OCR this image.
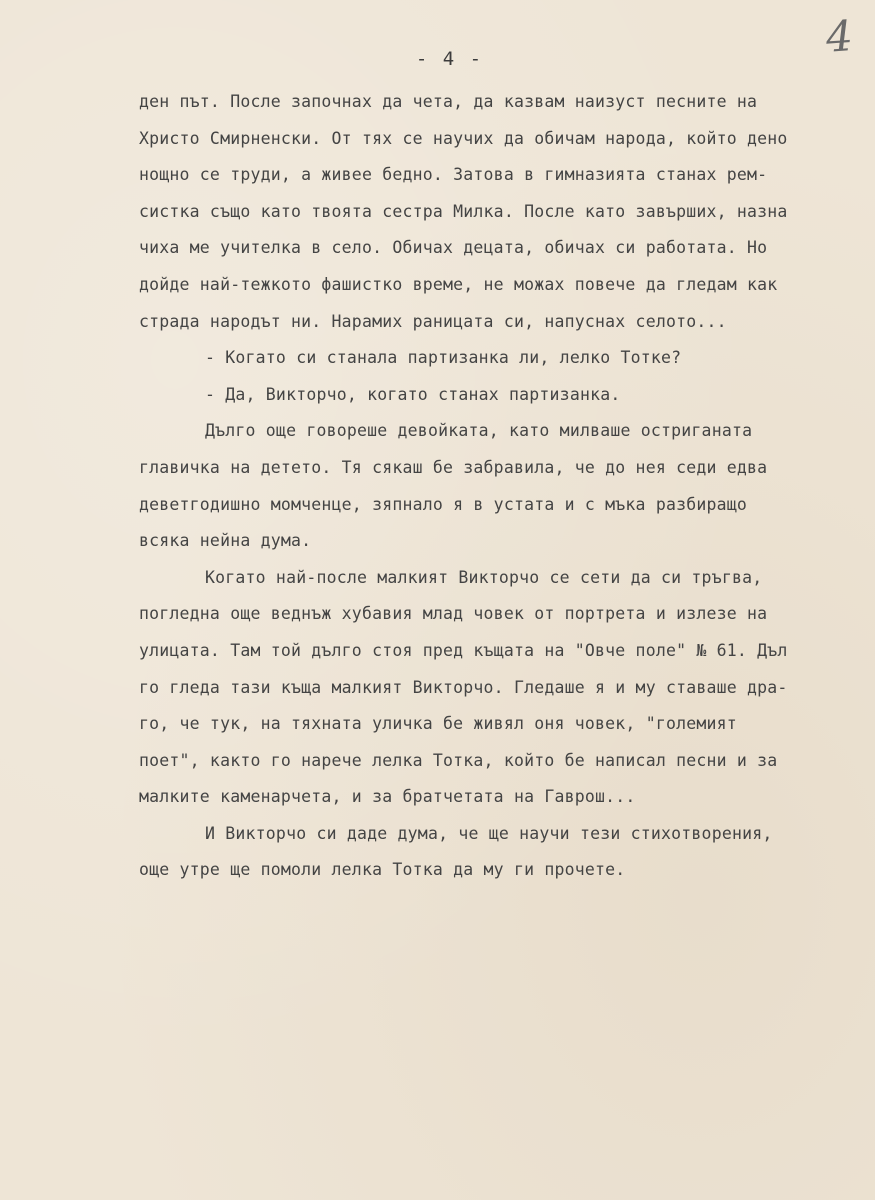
- 4 -	4
ден път. После започнах да чета, да казвам наизуст песните на
Христо Смирненски. От тях се научих да обичам народа, който дено
нощно се труди, а живее бедно. Затова в гимназията станах рем-
систка също като твоята сестра Милка. После като завърших, назна
чиха ме учителка в село. Обичах децата, обичах си работата. Но
дойде най-тежкото фашистко време, не можах повече да гледам как
страда народът ни. Нарамих раницата си, напуснах селото...
- Когато си станала партизанка ли, лелко Тотке?
- Да, Викторчо, когато станах партизанка.
Дълго още говореше девойката, като милваше остриганата
главичка на детето. Тя сякаш бе забравила, че до нея седи едва
деветгодишно момченце, зяпнало я в устата и с мъка разбиращо
всяка нейна дума.
Когато най-после малкият Викторчо се сети да си тръгва,
погледна още веднъж хубавия млад човек от портрета и излезе на
улицата. Там той дълго стоя пред къщата на "Овче поле" № 61. Дъл
го гледа тази къща малкият Викторчо. Гледаше я и му ставаше дра-
го, че тук, на тяхната уличка бе живял оня човек, "големият
поет", както го нарече лелка Тотка, който бе написал песни и за
малките каменарчета, и за братчетата на Гаврош...
И Викторчо си даде дума, че ще научи тези стихотворения,
още утре ще помоли лелка Тотка да му ги прочете.
